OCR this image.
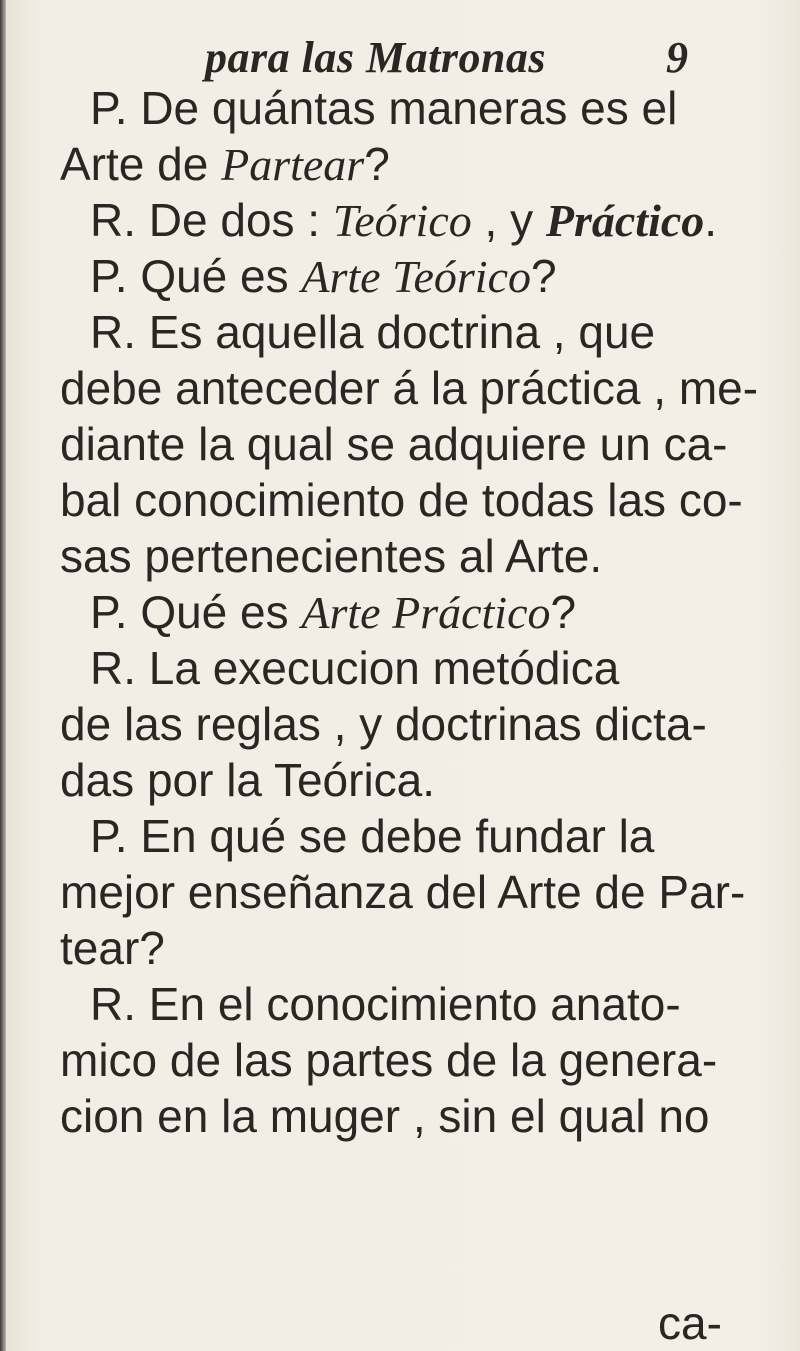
para las Matronas	9
P. De quántas maneras es el
Arte de Partear?
R. De dos : Teórico , y Práctico.
P. Qué es Arte Teórico?
R. Es aquella doctrina , que
debe anteceder á la práctica , me-
diante la qual se adquiere un ca-
bal conocimiento de todas las co-
sas pertenecientes al Arte.
P. Qué es Arte Práctico?
R. La execucion metódica
de las reglas , y doctrinas dicta-
das por la Teórica.
P. En qué se debe fundar la
mejor enseñanza del Arte de Par-
tear?
R. En el conocimiento anato-
mico de las partes de la genera-
cion en la muger , sin el qual no
ca-
